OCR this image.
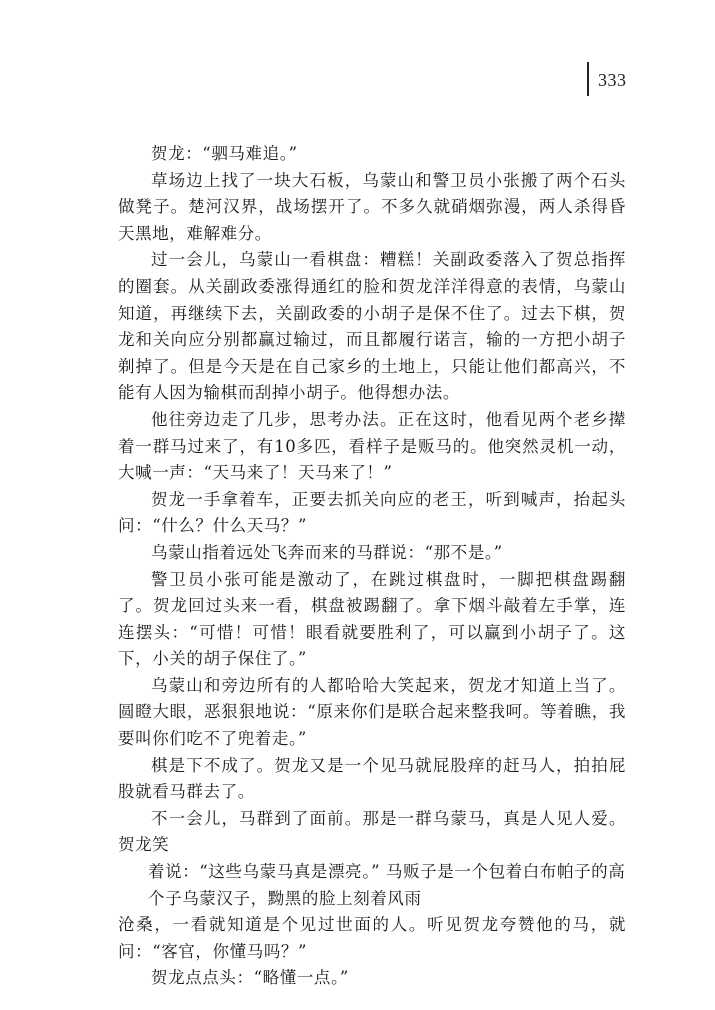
333

贺龙：“驷马难追。”

草场边上找了一块大石板，乌蒙山和警卫员小张搬了两个石头做凳子。楚河汉界，战场摆开了。不多久就硝烟弥漫，两人杀得昏天黑地，难解难分。

过一会儿，乌蒙山一看棋盘：糟糕！关副政委落入了贺总指挥的圈套。从关副政委涨得通红的脸和贺龙洋洋得意的表情，乌蒙山知道，再继续下去，关副政委的小胡子是保不住了。过去下棋，贺龙和关向应分别都赢过输过，而且都履行诺言，输的一方把小胡子剃掉了。但是今天是在自己家乡的土地上，只能让他们都高兴，不能有人因为输棋而刮掉小胡子。他得想办法。

他往旁边走了几步，思考办法。正在这时，他看见两个老乡撵着一群马过来了，有10多匹，看样子是贩马的。他突然灵机一动，大喊一声：“天马来了！天马来了！”

贺龙一手拿着车，正要去抓关向应的老王，听到喊声，抬起头问：“什么？什么天马？”

乌蒙山指着远处飞奔而来的马群说：“那不是。”

警卫员小张可能是激动了，在跳过棋盘时，一脚把棋盘踢翻了。贺龙回过头来一看，棋盘被踢翻了。拿下烟斗敲着左手掌，连连摆头：“可惜！可惜！眼看就要胜利了，可以赢到小胡子了。这下，小关的胡子保住了。”

乌蒙山和旁边所有的人都哈哈大笑起来，贺龙才知道上当了。圆瞪大眼，恶狠狠地说：“原来你们是联合起来整我呵。等着瞧，我要叫你们吃不了兜着走。”

棋是下不成了。贺龙又是一个见马就屁股痒的赶马人，拍拍屁股就看马群去了。

不一会儿，马群到了面前。那是一群乌蒙马，真是人见人爱。 贺龙笑

着说：“这些乌蒙马真是漂亮。” 马贩子是一个包着白布帕子的高

个子乌蒙汉子，黝黑的脸上刻着风雨

沧桑，一看就知道是个见过世面的人。听见贺龙夸赞他的马，就问：“客官，你懂马吗？”

贺龙点点头：“略懂一点。”
